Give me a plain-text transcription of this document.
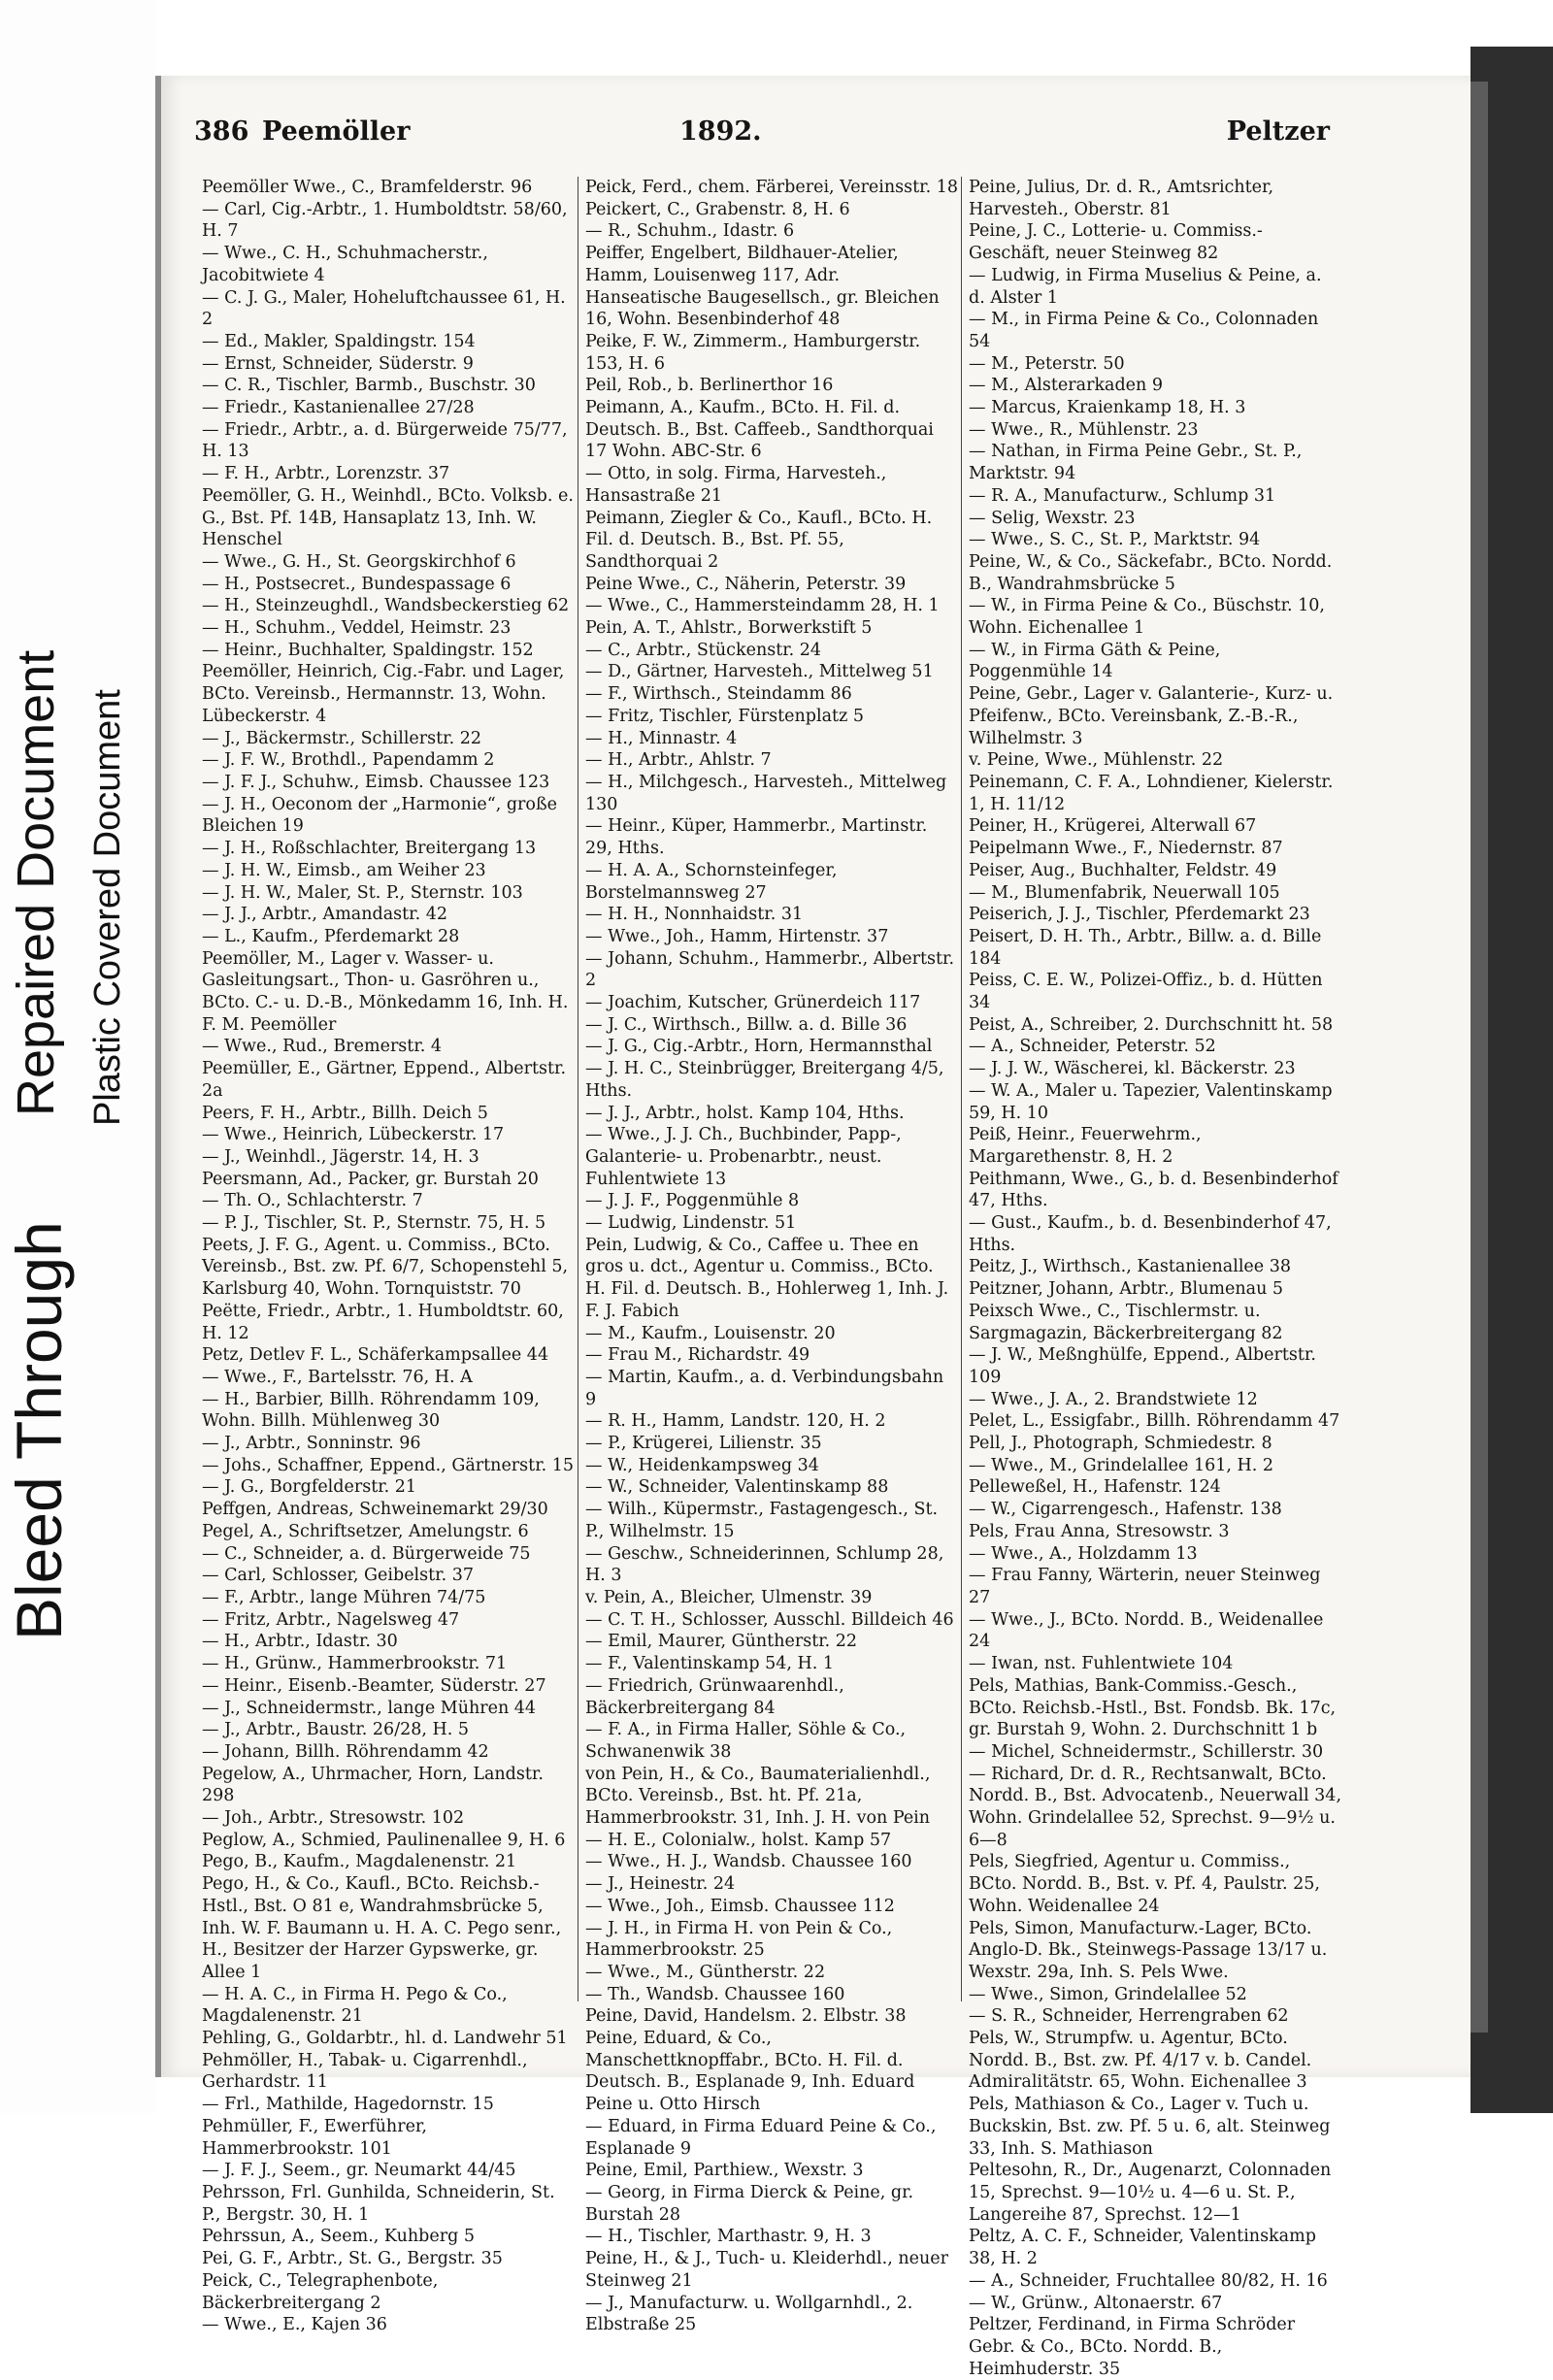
Bleed Through
Repaired Document Plastic Covered Document
386 Peemöller	1892.	Peltzer
Peemöller Wwe., C., Bramfelderstr. 96
— Carl, Cig.-Arbtr., 1. Humboldtstr. 58/60, H. 7
— Wwe., C. H., Schuhmacherstr., Jacobitwiete 4
— C. J. G., Maler, Hoheluftchaussee 61, H. 2
— Ed., Makler, Spaldingstr. 154
— Ernst, Schneider, Süderstr. 9
— C. R., Tischler, Barmb., Buschstr. 30
— Friedr., Kastanienallee 27/28
— Friedr., Arbtr., a. d. Bürgerweide 75/77, H. 13
— F. H., Arbtr., Lorenzstr. 37
Peemöller, G. H., Weinhdl., BCto. Volksb. e. G., Bst. Pf. 14B, Hansaplatz 13, Inh. W. Henschel
— Wwe., G. H., St. Georgskirchhof 6
— H., Postsecret., Bundespassage 6
— H., Steinzeughdl., Wandsbeckerstieg 62
— H., Schuhm., Veddel, Heimstr. 23
— Heinr., Buchhalter, Spaldingstr. 152
Peemöller, Heinrich, Cig.-Fabr. und Lager, BCto. Vereinsb., Hermannstr. 13, Wohn. Lübeckerstr. 4
— J., Bäckermstr., Schillerstr. 22
— J. F. W., Brothdl., Papendamm 2
— J. F. J., Schuhw., Eimsb. Chaussee 123
— J. H., Oeconom der „Harmonie“, große Bleichen 19
— J. H., Roßschlachter, Breitergang 13
— J. H. W., Eimsb., am Weiher 23
— J. H. W., Maler, St. P., Sternstr. 103
— J. J., Arbtr., Amandastr. 42
— L., Kaufm., Pferdemarkt 28
Peemöller, M., Lager v. Wasser- u. Gasleitungsart., Thon- u. Gasröhren u., BCto. C.- u. D.-B., Mönkedamm 16, Inh. H. F. M. Peemöller
— Wwe., Rud., Bremerstr. 4
Peemüller, E., Gärtner, Eppend., Albertstr. 2a
Peers, F. H., Arbtr., Billh. Deich 5
— Wwe., Heinrich, Lübeckerstr. 17
— J., Weinhdl., Jägerstr. 14, H. 3
Peersmann, Ad., Packer, gr. Burstah 20
— Th. O., Schlachterstr. 7
— P. J., Tischler, St. P., Sternstr. 75, H. 5
Peets, J. F. G., Agent. u. Commiss., BCto. Vereinsb., Bst. zw. Pf. 6/7, Schopenstehl 5, Karlsburg 40, Wohn. Tornquiststr. 70
Peëtte, Friedr., Arbtr., 1. Humboldtstr. 60, H. 12
Petz, Detlev F. L., Schäferkampsallee 44
— Wwe., F., Bartelsstr. 76, H. A
— H., Barbier, Billh. Röhrendamm 109, Wohn. Billh. Mühlenweg 30
— J., Arbtr., Sonninstr. 96
— Johs., Schaffner, Eppend., Gärtnerstr. 15
— J. G., Borgfelderstr. 21
Peffgen, Andreas, Schweinemarkt 29/30
Pegel, A., Schriftsetzer, Amelungstr. 6
— C., Schneider, a. d. Bürgerweide 75
— Carl, Schlosser, Geibelstr. 37
— F., Arbtr., lange Mühren 74/75
— Fritz, Arbtr., Nagelsweg 47
— H., Arbtr., Idastr. 30
— H., Grünw., Hammerbrookstr. 71
— Heinr., Eisenb.-Beamter, Süderstr. 27
— J., Schneidermstr., lange Mühren 44
— J., Arbtr., Baustr. 26/28, H. 5
— Johann, Billh. Röhrendamm 42
Pegelow, A., Uhrmacher, Horn, Landstr. 298
— Joh., Arbtr., Stresowstr. 102
Peglow, A., Schmied, Paulinenallee 9, H. 6
Pego, B., Kaufm., Magdalenenstr. 21
Pego, H., & Co., Kaufl., BCto. Reichsb.-Hstl., Bst. O 81 e, Wandrahmsbrücke 5, Inh. W. F. Baumann u. H. A. C. Pego senr., H., Besitzer der Harzer Gypswerke, gr. Allee 1
— H. A. C., in Firma H. Pego & Co., Magdalenenstr. 21
Pehling, G., Goldarbtr., hl. d. Landwehr 51
Pehmöller, H., Tabak- u. Cigarrenhdl., Gerhardstr. 11
— Frl., Mathilde, Hagedornstr. 15
Pehmüller, F., Ewerführer, Hammerbrookstr. 101
— J. F. J., Seem., gr. Neumarkt 44/45
Pehrsson, Frl. Gunhilda, Schneiderin, St. P., Bergstr. 30, H. 1
Pehrssun, A., Seem., Kuhberg 5
Pei, G. F., Arbtr., St. G., Bergstr. 35
Peick, C., Telegraphenbote, Bäckerbreitergang 2
— Wwe., E., Kajen 36
Peick, Ferd., chem. Färberei, Vereinsstr. 18
Peickert, C., Grabenstr. 8, H. 6
— R., Schuhm., Idastr. 6
Peiffer, Engelbert, Bildhauer-Atelier, Hamm, Louisenweg 117, Adr. Hanseatische Baugesellsch., gr. Bleichen 16, Wohn. Besenbinderhof 48
Peike, F. W., Zimmerm., Hamburgerstr. 153, H. 6
Peil, Rob., b. Berlinerthor 16
Peimann, A., Kaufm., BCto. H. Fil. d. Deutsch. B., Bst. Caffeeb., Sandthorquai 17 Wohn. ABC-Str. 6
— Otto, in solg. Firma, Harvesteh., Hansastraße 21
Peimann, Ziegler & Co., Kaufl., BCto. H. Fil. d. Deutsch. B., Bst. Pf. 55, Sandthorquai 2
Peine Wwe., C., Näherin, Peterstr. 39
— Wwe., C., Hammersteindamm 28, H. 1
Pein, A. T., Ahlstr., Borwerkstift 5
— C., Arbtr., Stückenstr. 24
— D., Gärtner, Harvesteh., Mittelweg 51
— F., Wirthsch., Steindamm 86
— Fritz, Tischler, Fürstenplatz 5
— H., Minnastr. 4
— H., Arbtr., Ahlstr. 7
— H., Milchgesch., Harvesteh., Mittelweg 130
— Heinr., Küper, Hammerbr., Martinstr. 29, Hths.
— H. A. A., Schornsteinfeger, Borstelmannsweg 27
— H. H., Nonnhaidstr. 31
— Wwe., Joh., Hamm, Hirtenstr. 37
— Johann, Schuhm., Hammerbr., Albertstr. 2
— Joachim, Kutscher, Grünerdeich 117
— J. C., Wirthsch., Billw. a. d. Bille 36
— J. G., Cig.-Arbtr., Horn, Hermannsthal
— J. H. C., Steinbrügger, Breitergang 4/5, Hths.
— J. J., Arbtr., holst. Kamp 104, Hths.
— Wwe., J. J. Ch., Buchbinder, Papp-, Galanterie- u. Probenarbtr., neust. Fuhlentwiete 13
— J. J. F., Poggenmühle 8
— Ludwig, Lindenstr. 51
Pein, Ludwig, & Co., Caffee u. Thee en gros u. dct., Agentur u. Commiss., BCto. H. Fil. d. Deutsch. B., Hohlerweg 1, Inh. J. F. J. Fabich
— M., Kaufm., Louisenstr. 20
— Frau M., Richardstr. 49
— Martin, Kaufm., a. d. Verbindungsbahn 9
— R. H., Hamm, Landstr. 120, H. 2
— P., Krügerei, Lilienstr. 35
— W., Heidenkampsweg 34
— W., Schneider, Valentinskamp 88
— Wilh., Küpermstr., Fastagengesch., St. P., Wilhelmstr. 15
— Geschw., Schneiderinnen, Schlump 28, H. 3
v. Pein, A., Bleicher, Ulmenstr. 39
— C. T. H., Schlosser, Ausschl. Billdeich 46
— Emil, Maurer, Güntherstr. 22
— F., Valentinskamp 54, H. 1
— Friedrich, Grünwaarenhdl., Bäckerbreitergang 84
— F. A., in Firma Haller, Söhle & Co., Schwanenwik 38
von Pein, H., & Co., Baumaterialienhdl., BCto. Vereinsb., Bst. ht. Pf. 21a, Hammerbrookstr. 31, Inh. J. H. von Pein
— H. E., Colonialw., holst. Kamp 57
— Wwe., H. J., Wandsb. Chaussee 160
— J., Heinestr. 24
— Wwe., Joh., Eimsb. Chaussee 112
— J. H., in Firma H. von Pein & Co., Hammerbrookstr. 25
— Wwe., M., Güntherstr. 22
— Th., Wandsb. Chaussee 160
Peine, David, Handelsm. 2. Elbstr. 38
Peine, Eduard, & Co., Manschettknopffabr., BCto. H. Fil. d. Deutsch. B., Esplanade 9, Inh. Eduard Peine u. Otto Hirsch
— Eduard, in Firma Eduard Peine & Co., Esplanade 9
Peine, Emil, Parthiew., Wexstr. 3
— Georg, in Firma Dierck & Peine, gr. Burstah 28
— H., Tischler, Marthastr. 9, H. 3
Peine, H., & J., Tuch- u. Kleiderhdl., neuer Steinweg 21
— J., Manufacturw. u. Wollgarnhdl., 2. Elbstraße 25
Peine, Julius, Dr. d. R., Amtsrichter, Harvesteh., Oberstr. 81
Peine, J. C., Lotterie- u. Commiss.-Geschäft, neuer Steinweg 82
— Ludwig, in Firma Muselius & Peine, a. d. Alster 1
— M., in Firma Peine & Co., Colonnaden 54
— M., Peterstr. 50
— M., Alsterarkaden 9
— Marcus, Kraienkamp 18, H. 3
— Wwe., R., Mühlenstr. 23
— Nathan, in Firma Peine Gebr., St. P., Marktstr. 94
— R. A., Manufacturw., Schlump 31
— Selig, Wexstr. 23
— Wwe., S. C., St. P., Marktstr. 94
Peine, W., & Co., Säckefabr., BCto. Nordd. B., Wandrahmsbrücke 5
— W., in Firma Peine & Co., Büschstr. 10, Wohn. Eichenallee 1
— W., in Firma Gäth & Peine, Poggenmühle 14
Peine, Gebr., Lager v. Galanterie-, Kurz- u. Pfeifenw., BCto. Vereinsbank, Z.-B.-R., Wilhelmstr. 3
v. Peine, Wwe., Mühlenstr. 22
Peinemann, C. F. A., Lohndiener, Kielerstr. 1, H. 11/12
Peiner, H., Krügerei, Alterwall 67
Peipelmann Wwe., F., Niedernstr. 87
Peiser, Aug., Buchhalter, Feldstr. 49
— M., Blumenfabrik, Neuerwall 105
Peiserich, J. J., Tischler, Pferdemarkt 23
Peisert, D. H. Th., Arbtr., Billw. a. d. Bille 184
Peiss, C. E. W., Polizei-Offiz., b. d. Hütten 34
Peist, A., Schreiber, 2. Durchschnitt ht. 58
— A., Schneider, Peterstr. 52
— J. J. W., Wäscherei, kl. Bäckerstr. 23
— W. A., Maler u. Tapezier, Valentinskamp 59, H. 10
Peiß, Heinr., Feuerwehrm., Margarethenstr. 8, H. 2
Peithmann, Wwe., G., b. d. Besenbinderhof 47, Hths.
— Gust., Kaufm., b. d. Besenbinderhof 47, Hths.
Peitz, J., Wirthsch., Kastanienallee 38
Peitzner, Johann, Arbtr., Blumenau 5
Peixsch Wwe., C., Tischlermstr. u. Sargmagazin, Bäckerbreitergang 82
— J. W., Meßnghülfe, Eppend., Albertstr. 109
— Wwe., J. A., 2. Brandstwiete 12
Pelet, L., Essigfabr., Billh. Röhrendamm 47
Pell, J., Photograph, Schmiedestr. 8
— Wwe., M., Grindelallee 161, H. 2
Pelleweßel, H., Hafenstr. 124
— W., Cigarrengesch., Hafenstr. 138
Pels, Frau Anna, Stresowstr. 3
— Wwe., A., Holzdamm 13
— Frau Fanny, Wärterin, neuer Steinweg 27
— Wwe., J., BCto. Nordd. B., Weidenallee 24
— Iwan, nst. Fuhlentwiete 104
Pels, Mathias, Bank-Commiss.-Gesch., BCto. Reichsb.-Hstl., Bst. Fondsb. Bk. 17c, gr. Burstah 9, Wohn. 2. Durchschnitt 1 b
— Michel, Schneidermstr., Schillerstr. 30
— Richard, Dr. d. R., Rechtsanwalt, BCto. Nordd. B., Bst. Advocatenb., Neuerwall 34, Wohn. Grindelallee 52, Sprechst. 9—9½ u. 6—8
Pels, Siegfried, Agentur u. Commiss., BCto. Nordd. B., Bst. v. Pf. 4, Paulstr. 25, Wohn. Weidenallee 24
Pels, Simon, Manufacturw.-Lager, BCto. Anglo-D. Bk., Steinwegs-Passage 13/17 u. Wexstr. 29a, Inh. S. Pels Wwe.
— Wwe., Simon, Grindelallee 52
— S. R., Schneider, Herrengraben 62
Pels, W., Strumpfw. u. Agentur, BCto. Nordd. B., Bst. zw. Pf. 4/17 v. b. Candel. Admiralitätstr. 65, Wohn. Eichenallee 3
Pels, Mathiason & Co., Lager v. Tuch u. Buckskin, Bst. zw. Pf. 5 u. 6, alt. Steinweg 33, Inh. S. Mathiason
Peltesohn, R., Dr., Augenarzt, Colonnaden 15, Sprechst. 9—10½ u. 4—6 u. St. P., Langereihe 87, Sprechst. 12—1
Peltz, A. C. F., Schneider, Valentinskamp 38, H. 2
— A., Schneider, Fruchtallee 80/82, H. 16
— W., Grünw., Altonaerstr. 67
Peltzer, Ferdinand, in Firma Schröder Gebr. & Co., BCto. Nordd. B., Heimhuderstr. 35
